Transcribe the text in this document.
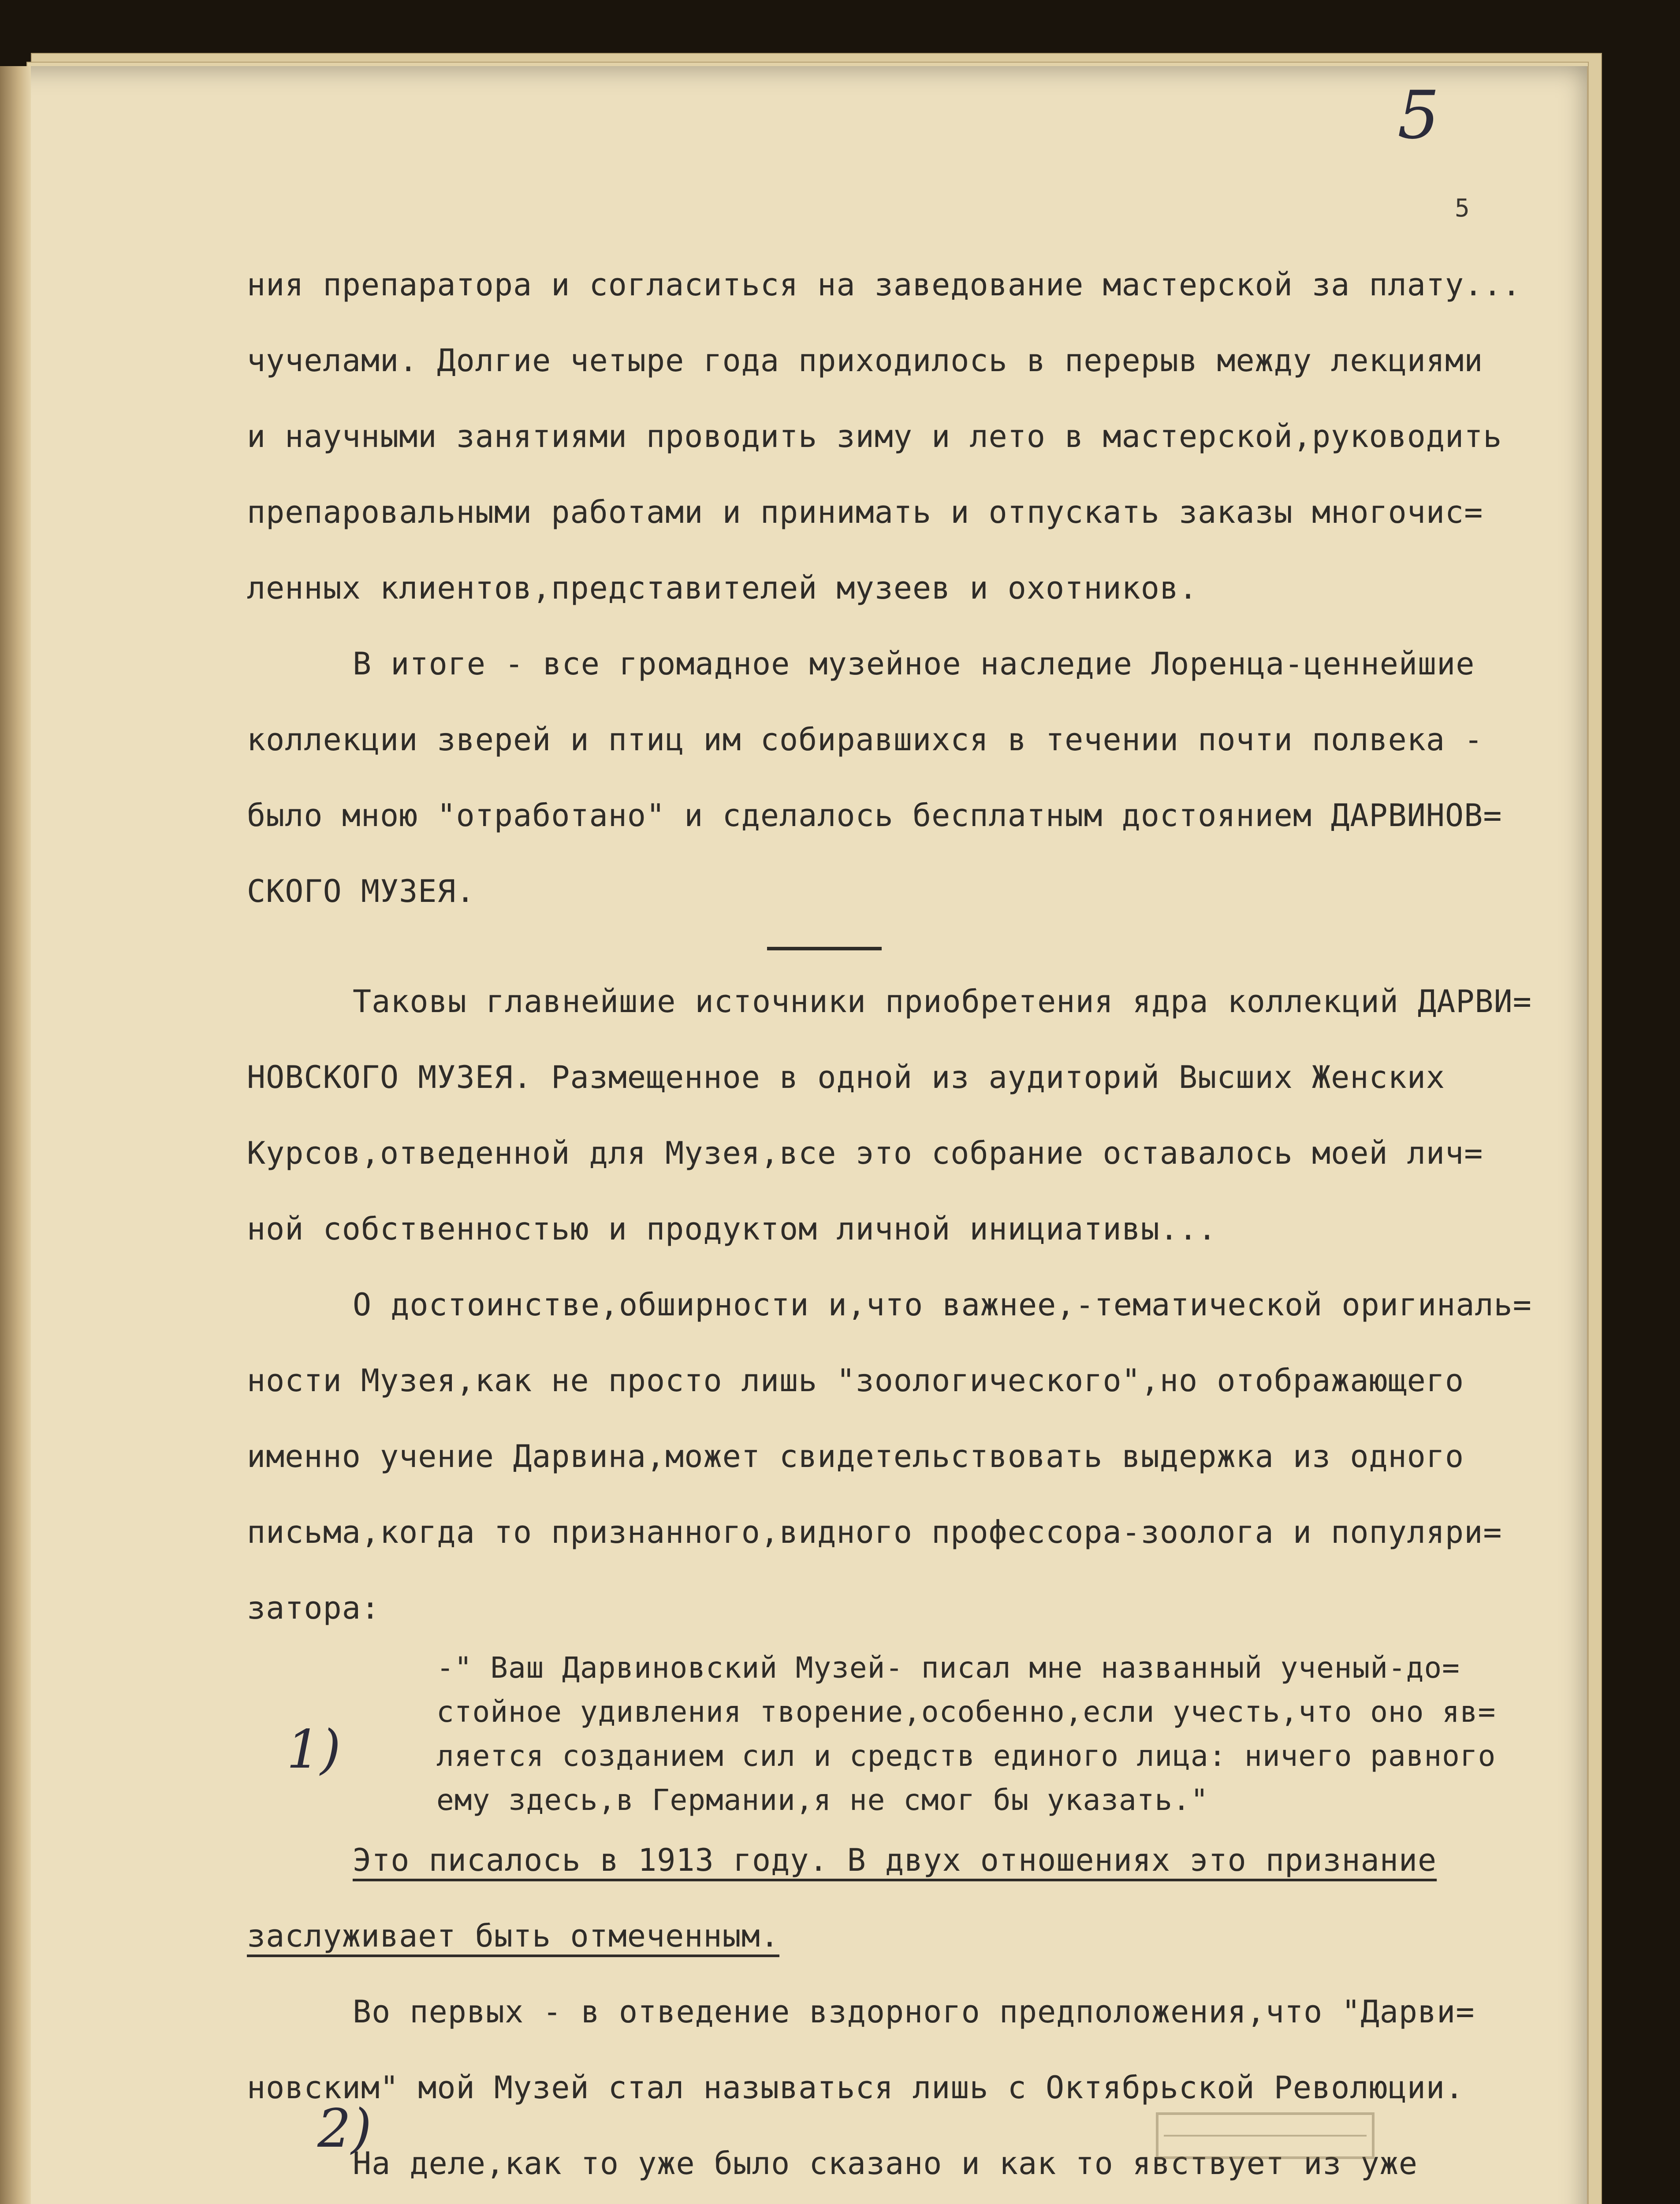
5
5

ния препаратора и согласиться на заведование мастерской за плату...
чучелами. Долгие четыре года приходилось в перерыв между лекциями
и научными занятиями проводить зиму и лето в мастерской,руководить
препаровальными работами и принимать и отпускать заказы многочис=
ленных клиентов,представителей музеев и охотников.

В итоге - все громадное музейное наследие Лоренца-ценнейшие
коллекции зверей и птиц им собиравшихся в течении почти полвека -
было мною "отработано" и сделалось бесплатным достоянием ДАРВИНОВ=
СКОГО МУЗЕЯ.

Таковы главнейшие источники приобретения ядра коллекций ДАРВИ=
НОВСКОГО МУЗЕЯ. Размещенное в одной из аудиторий Высших Женских
Курсов,отведенной для Музея,все это собрание оставалось моей лич=
ной собственностью и продуктом личной инициативы...

О достоинстве,обширности и,что важнее,-тематической оригиналь=
ности Музея,как не просто лишь "зоологического",но отображающего
именно учение Дарвина,может свидетельствовать выдержка из одного
письма,когда то признанного,видного профессора-зоолога и популяри=
затора:

-" Ваш Дарвиновский Музей- писал мне названный ученый-до=
стойное удивления творение,особенно,если учесть,что оно яв=
ляется созданием сил и средств единого лица: ничего равного
ему здесь,в Германии,я не смог бы указать."

Это писалось в 1913 году. В двух отношениях это признание
заслуживает быть отмеченным.

Во первых - в отведение вздорного предположения,что "Дарви=
новским" мой Музей стал называться лишь с Октябрьской Революции.

На деле,как то уже было сказано и как то явствует из уже

1)
2)
